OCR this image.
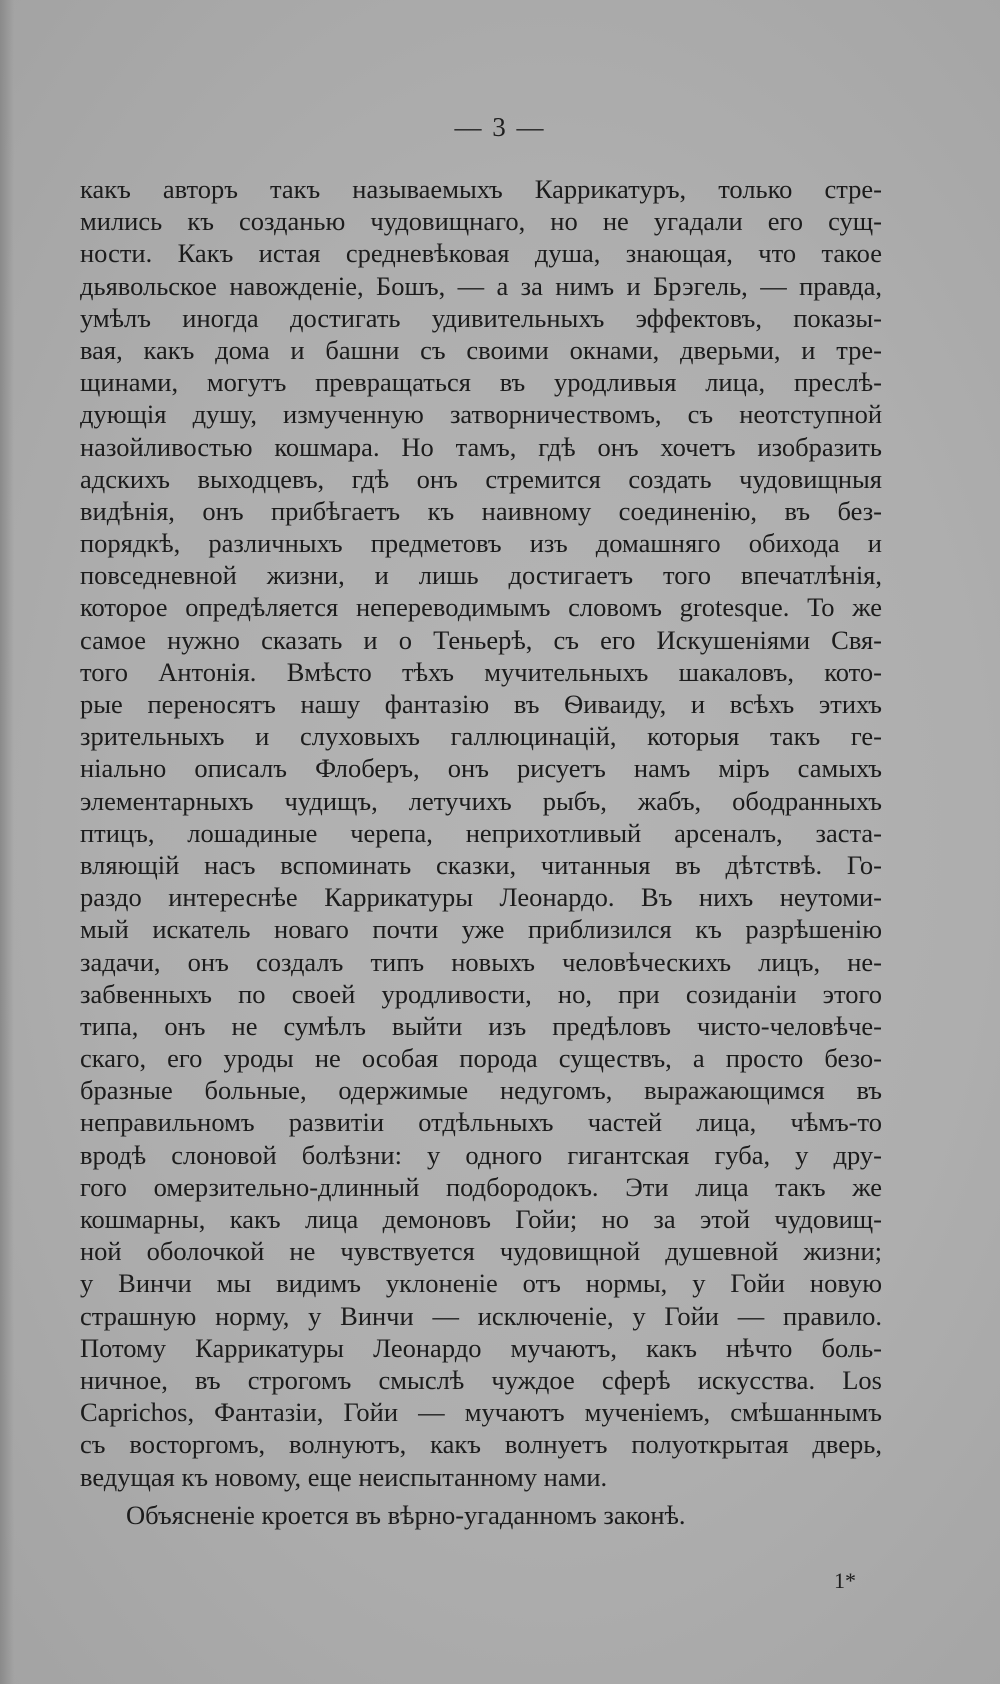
— 3 —
какъ авторъ такъ называемыхъ Каррикатуръ, только стре-
мились къ созданью чудовищнаго, но не угадали его сущ-
ности. Какъ истая средневѣковая душа, знающая, что такое
дьявольское навожденіе, Бошъ, — а за нимъ и Брэгель, — правда,
умѣлъ иногда достигать удивительныхъ эффектовъ, показы-
вая, какъ дома и башни съ своими окнами, дверьми, и тре-
щинами, могутъ превращаться въ уродливыя лица, преслѣ-
дующія душу, измученную затворничествомъ, съ неотступной
назойливостью кошмара. Но тамъ, гдѣ онъ хочетъ изобразить
адскихъ выходцевъ, гдѣ онъ стремится создать чудовищныя
видѣнія, онъ прибѣгаетъ къ наивному соединенію, въ без-
порядкѣ, различныхъ предметовъ изъ домашняго обихода и
повседневной жизни, и лишь достигаетъ того впечатлѣнія,
которое опредѣляется непереводимымъ словомъ grotesque. То же
самое нужно сказать и о Теньерѣ, съ его Искушеніями Свя-
того Антонія. Вмѣсто тѣхъ мучительныхъ шакаловъ, кото-
рые переносятъ нашу фантазію въ Ѳиваиду, и всѣхъ этихъ
зрительныхъ и слуховыхъ галлюцинацій, которыя такъ ге-
ніально описалъ Флоберъ, онъ рисуетъ намъ міръ самыхъ
элементарныхъ чудищъ, летучихъ рыбъ, жабъ, ободранныхъ
птицъ, лошадиные черепа, неприхотливый арсеналъ, заста-
вляющій насъ вспоминать сказки, читанныя въ дѣтствѣ. Го-
раздо интереснѣе Каррикатуры Леонардо. Въ нихъ неутоми-
мый искатель новаго почти уже приблизился къ разрѣшенію
задачи, онъ создалъ типъ новыхъ человѣческихъ лицъ, не-
забвенныхъ по своей уродливости, но, при созиданіи этого
типа, онъ не сумѣлъ выйти изъ предѣловъ чисто-человѣче-
скаго, его уроды не особая порода существъ, а просто безо-
бразные больные, одержимые недугомъ, выражающимся въ
неправильномъ развитіи отдѣльныхъ частей лица, чѣмъ-то
вродѣ слоновой болѣзни: у одного гигантская губа, у дру-
гого омерзительно-длинный подбородокъ. Эти лица такъ же
кошмарны, какъ лица демоновъ Гойи; но за этой чудовищ-
ной оболочкой не чувствуется чудовищной душевной жизни;
у Винчи мы видимъ уклоненіе отъ нормы, у Гойи новую
страшную норму, у Винчи — исключеніе, у Гойи — правило.
Потому Каррикатуры Леонардо мучаютъ, какъ нѣчто боль-
ничное, въ строгомъ смыслѣ чуждое сферѣ искусства. Los
Caprichos, Фантазіи, Гойи — мучаютъ мученіемъ, смѣшаннымъ
съ восторгомъ, волнуютъ, какъ волнуетъ полуоткрытая дверь,
ведущая къ новому, еще неиспытанному нами.
Объясненіе кроется въ вѣрно-угаданномъ законѣ.
1*
